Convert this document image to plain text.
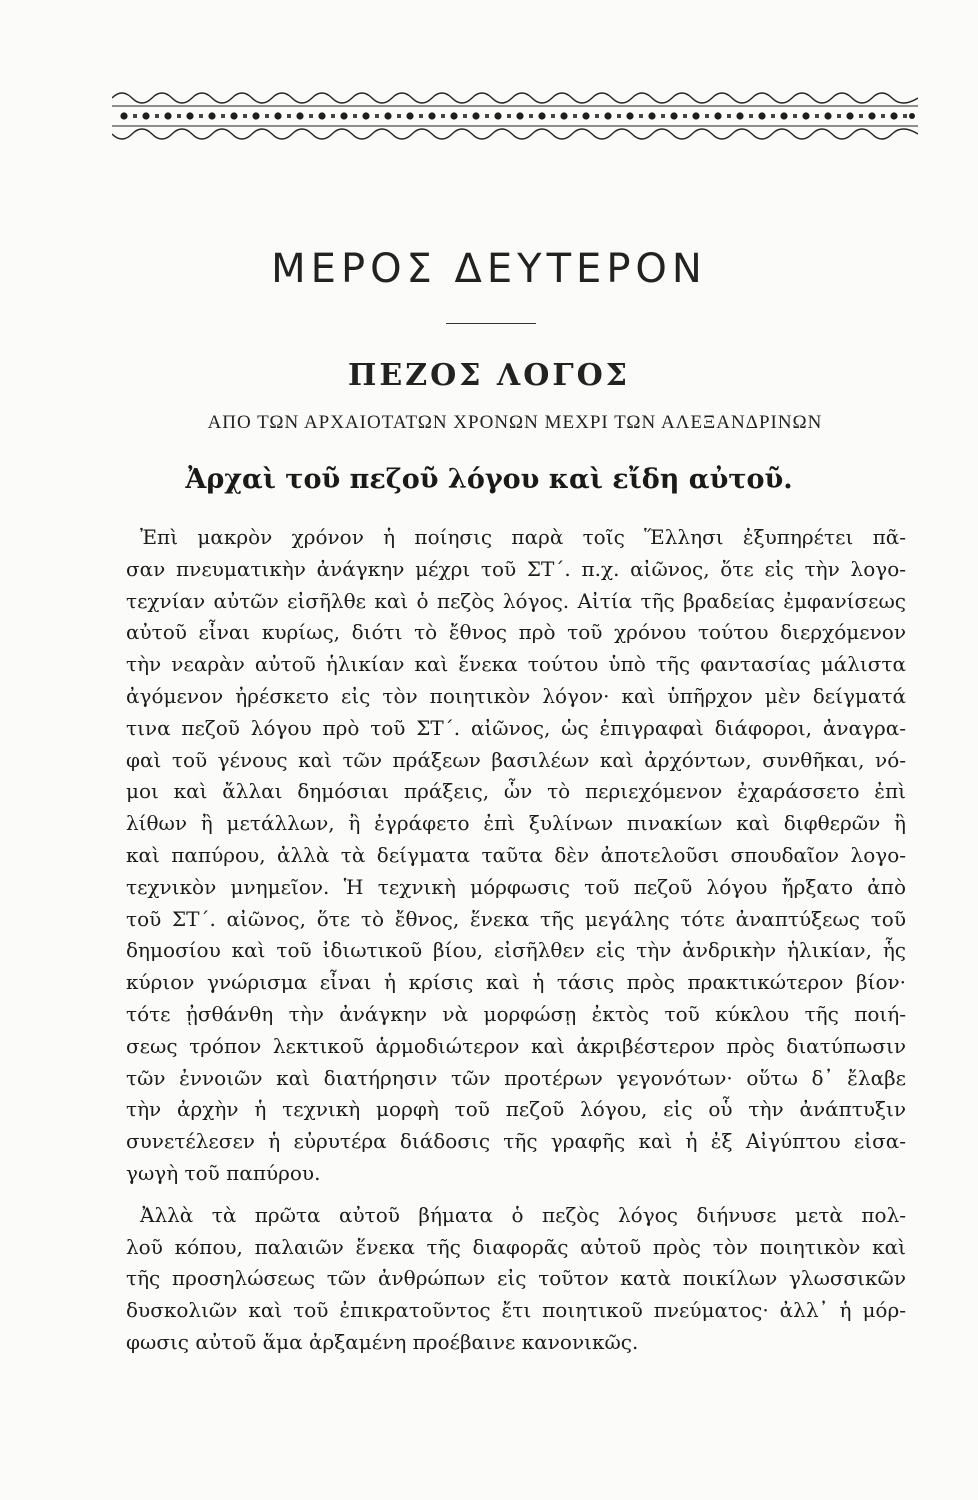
ΜΕΡΟΣ ΔΕΥΤΕΡΟΝ
ΠΕΖΟΣ ΛΟΓΟΣ
ΑΠΟ ΤΩΝ ΑΡΧΑΙΟΤΑΤΩΝ ΧΡΟΝΩΝ ΜΕΧΡΙ ΤΩΝ ΑΛΕΞΑΝΔΡΙΝΩΝ
Ἀρχαὶ τοῦ πεζοῦ λόγου καὶ εἴδη αὐτοῦ.
Ἐπὶ μακρὸν χρόνον ἡ ποίησις παρὰ τοῖς Ἕλλησι ἐξυπηρέτει πᾶ-
σαν πνευματικὴν ἀνάγκην μέχρι τοῦ ΣΤ΄. π.χ. αἰῶνος, ὅτε εἰς τὴν λογο-
τεχνίαν αὐτῶν εἰσῆλθε καὶ ὁ πεζὸς λόγος. Αἰτία τῆς βραδείας ἐμφανίσεως
αὐτοῦ εἶναι κυρίως, διότι τὸ ἔθνος πρὸ τοῦ χρόνου τούτου διερχόμενον
τὴν νεαρὰν αὐτοῦ ἡλικίαν καὶ ἕνεκα τούτου ὑπὸ τῆς φαντασίας μάλιστα
ἀγόμενον ἠρέσκετο εἰς τὸν ποιητικὸν λόγον· καὶ ὑπῆρχον μὲν δείγματά
τινα πεζοῦ λόγου πρὸ τοῦ ΣΤ΄. αἰῶνος, ὡς ἐπιγραφαὶ διάφοροι, ἀναγρα-
φαὶ τοῦ γένους καὶ τῶν πράξεων βασιλέων καὶ ἀρχόντων, συνθῆκαι, νό-
μοι καὶ ἄλλαι δημόσιαι πράξεις, ὧν τὸ περιεχόμενον ἐχαράσσετο ἐπὶ
λίθων ἢ μετάλλων, ἢ ἐγράφετο ἐπὶ ξυλίνων πινακίων καὶ διφθερῶν ἢ
καὶ παπύρου, ἀλλὰ τὰ δείγματα ταῦτα δὲν ἀποτελοῦσι σπουδαῖον λογο-
τεχνικὸν μνημεῖον. Ἡ τεχνικὴ μόρφωσις τοῦ πεζοῦ λόγου ἤρξατο ἀπὸ
τοῦ ΣΤ΄. αἰῶνος, ὅτε τὸ ἔθνος, ἕνεκα τῆς μεγάλης τότε ἀναπτύξεως τοῦ
δημοσίου καὶ τοῦ ἰδιωτικοῦ βίου, εἰσῆλθεν εἰς τὴν ἀνδρικὴν ἡλικίαν, ἧς
κύριον γνώρισμα εἶναι ἡ κρίσις καὶ ἡ τάσις πρὸς πρακτικώτερον βίον·
τότε ᾐσθάνθη τὴν ἀνάγκην νὰ μορφώσῃ ἐκτὸς τοῦ κύκλου τῆς ποιή-
σεως τρόπον λεκτικοῦ ἁρμοδιώτερον καὶ ἀκριβέστερον πρὸς διατύπωσιν
τῶν ἐννοιῶν καὶ διατήρησιν τῶν προτέρων γεγονότων· οὕτω δ᾽ ἔλαβε
τὴν ἀρχὴν ἡ τεχνικὴ μορφὴ τοῦ πεζοῦ λόγου, εἰς οὗ τὴν ἀνάπτυξιν
συνετέλεσεν ἡ εὐρυτέρα διάδοσις τῆς γραφῆς καὶ ἡ ἐξ Αἰγύπτου εἰσα-
γωγὴ τοῦ παπύρου.
Ἀλλὰ τὰ πρῶτα αὐτοῦ βήματα ὁ πεζὸς λόγος διήνυσε μετὰ πολ-
λοῦ κόπου, παλαιῶν ἕνεκα τῆς διαφορᾶς αὐτοῦ πρὸς τὸν ποιητικὸν καὶ
τῆς προσηλώσεως τῶν ἀνθρώπων εἰς τοῦτον κατὰ ποικίλων γλωσσικῶν
δυσκολιῶν καὶ τοῦ ἐπικρατοῦντος ἔτι ποιητικοῦ πνεύματος· ἀλλ᾽ ἡ μόρ-
φωσις αὐτοῦ ἅμα ἀρξαμένη προέβαινε κανονικῶς.
